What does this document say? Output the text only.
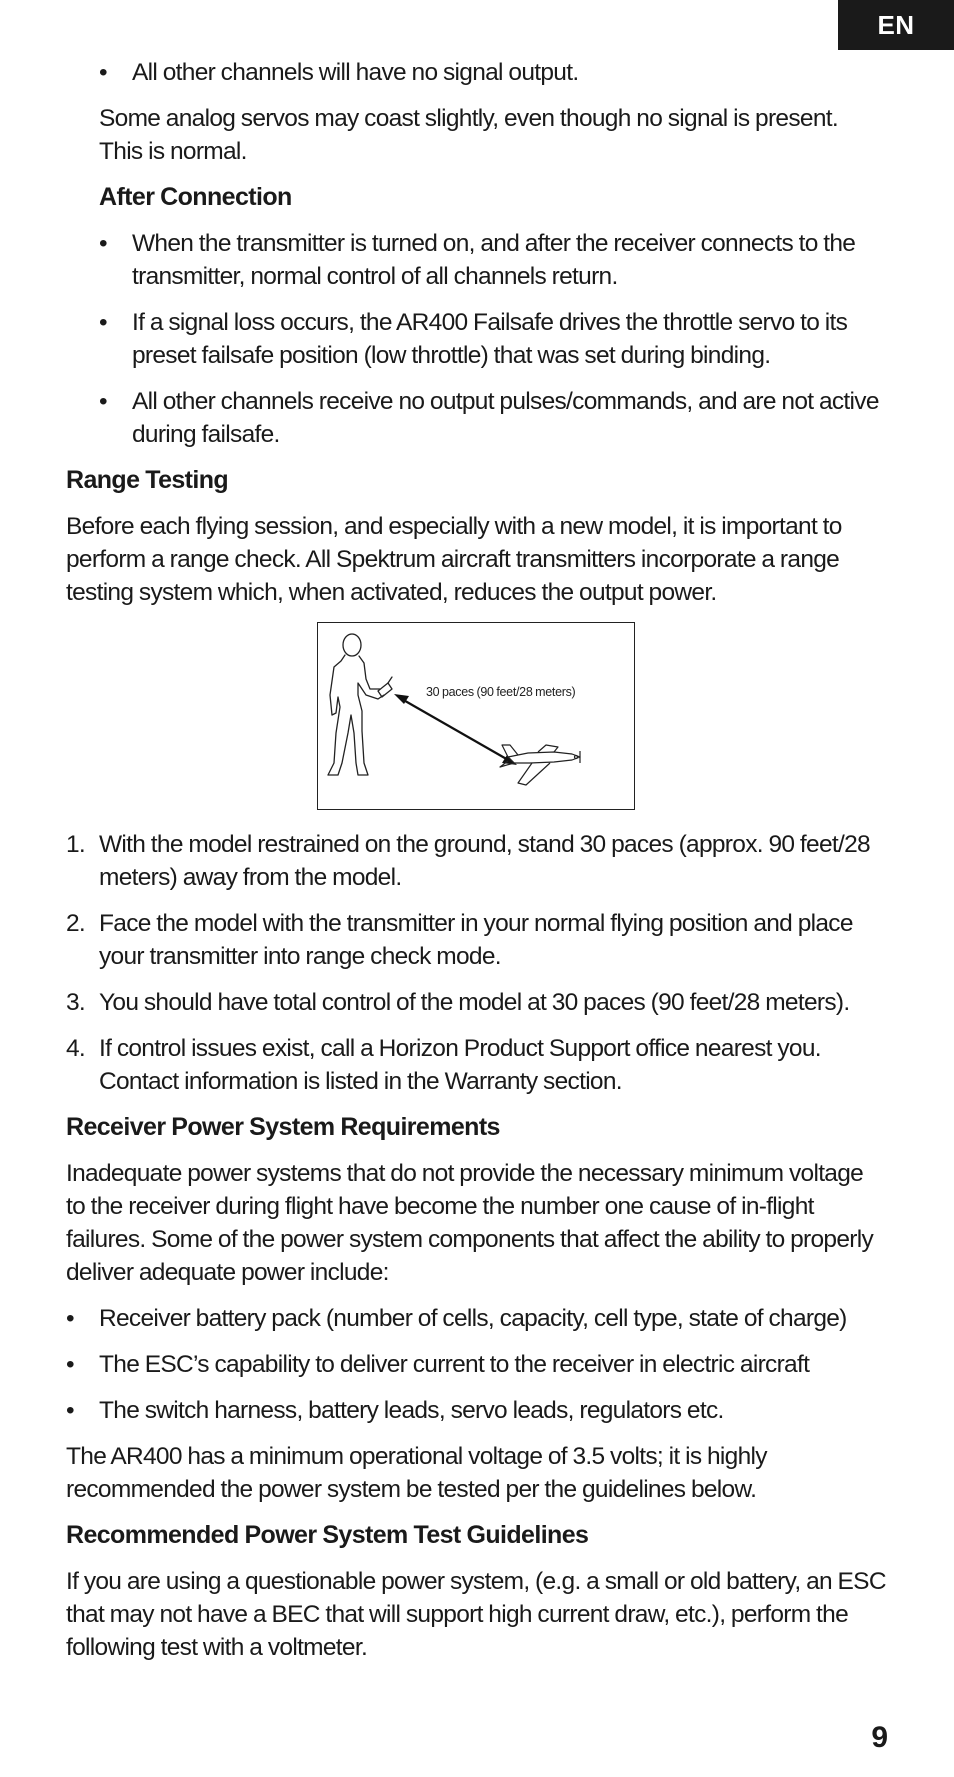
EN
• All other channels will have no signal output.

Some analog servos may coast slightly, even though no signal is present. This is normal.

After Connection
• When the transmitter is turned on, and after the receiver connects to the transmitter, normal control of all channels return.
• If a signal loss occurs, the AR400 Failsafe drives the throttle servo to its preset failsafe position (low throttle) that was set during binding.
• All other channels receive no output pulses/commands, and are not active during failsafe.
Range Testing

Before each flying session, and especially with a new model, it is important to perform a range check. All Spektrum aircraft transmitters incorporate a range testing system which, when activated, reduces the output power.

30 paces (90 feet/28 meters)
1. With the model restrained on the ground, stand 30 paces (approx. 90 feet/28 meters) away from the model.
2. Face the model with the transmitter in your normal flying position and place your transmitter into range check mode.
3. You should have total control of the model at 30 paces (90 feet/28 meters).
4. If control issues exist, call a Horizon Product Support office nearest you. Contact information is listed in the Warranty section.
Receiver Power System Requirements

Inadequate power systems that do not provide the necessary minimum voltage to the receiver during flight have become the number one cause of in-flight failures. Some of the power system components that affect the ability to properly deliver adequate power include:

• Receiver battery pack (number of cells, capacity, cell type, state of charge)
• The ESC’s capability to deliver current to the receiver in electric aircraft
• The switch harness, battery leads, servo leads, regulators etc.

The AR400 has a minimum operational voltage of 3.5 volts; it is highly recommended the power system be tested per the guidelines below.

Recommended Power System Test Guidelines

If you are using a questionable power system, (e.g. a small or old battery, an ESC that may not have a BEC that will support high current draw, etc.), perform the following test with a voltmeter.

9
